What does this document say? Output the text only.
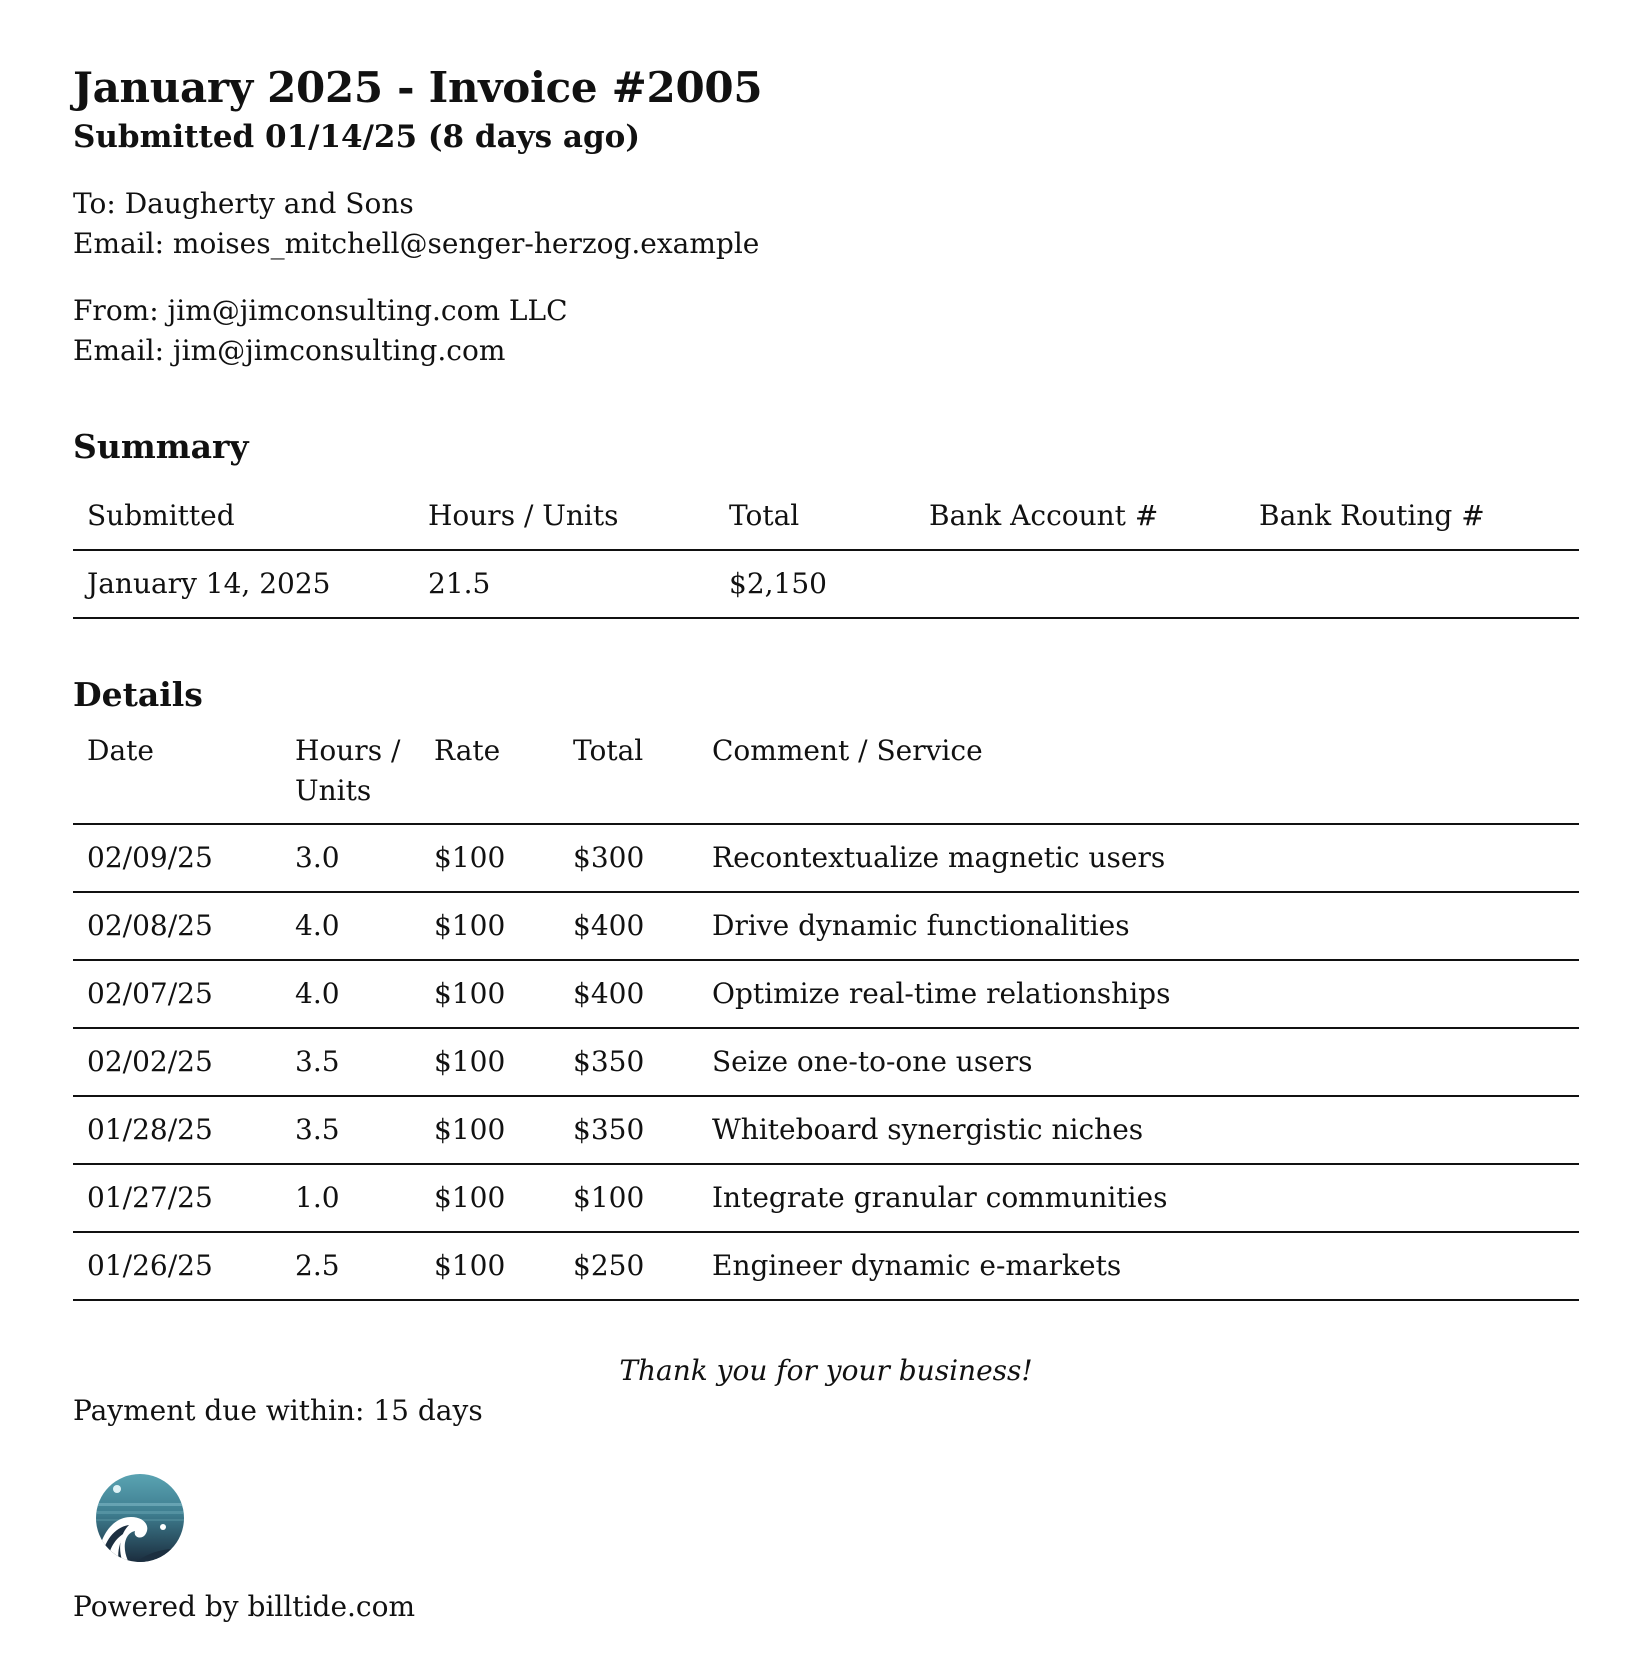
January 2025 - Invoice #2005
Submitted 01/14/25 (8 days ago)
To: Daugherty and Sons
Email: moises_mitchell@senger-herzog.example
From: jim@jimconsulting.com LLC
Email: jim@jimconsulting.com
Summary
Submitted	Hours / Units	Total	Bank Account #	Bank Routing #
January 14, 2025	21.5	$2,150		
Details
Date	Hours / Units	Rate	Total	Comment / Service
02/09/25	3.0	$100	$300	Recontextualize magnetic users
02/08/25	4.0	$100	$400	Drive dynamic functionalities
02/07/25	4.0	$100	$400	Optimize real-time relationships
02/02/25	3.5	$100	$350	Seize one-to-one users
01/28/25	3.5	$100	$350	Whiteboard synergistic niches
01/27/25	1.0	$100	$100	Integrate granular communities
01/26/25	2.5	$100	$250	Engineer dynamic e-markets
Thank you for your business!
Payment due within: 15 days
Powered by billtide.com
